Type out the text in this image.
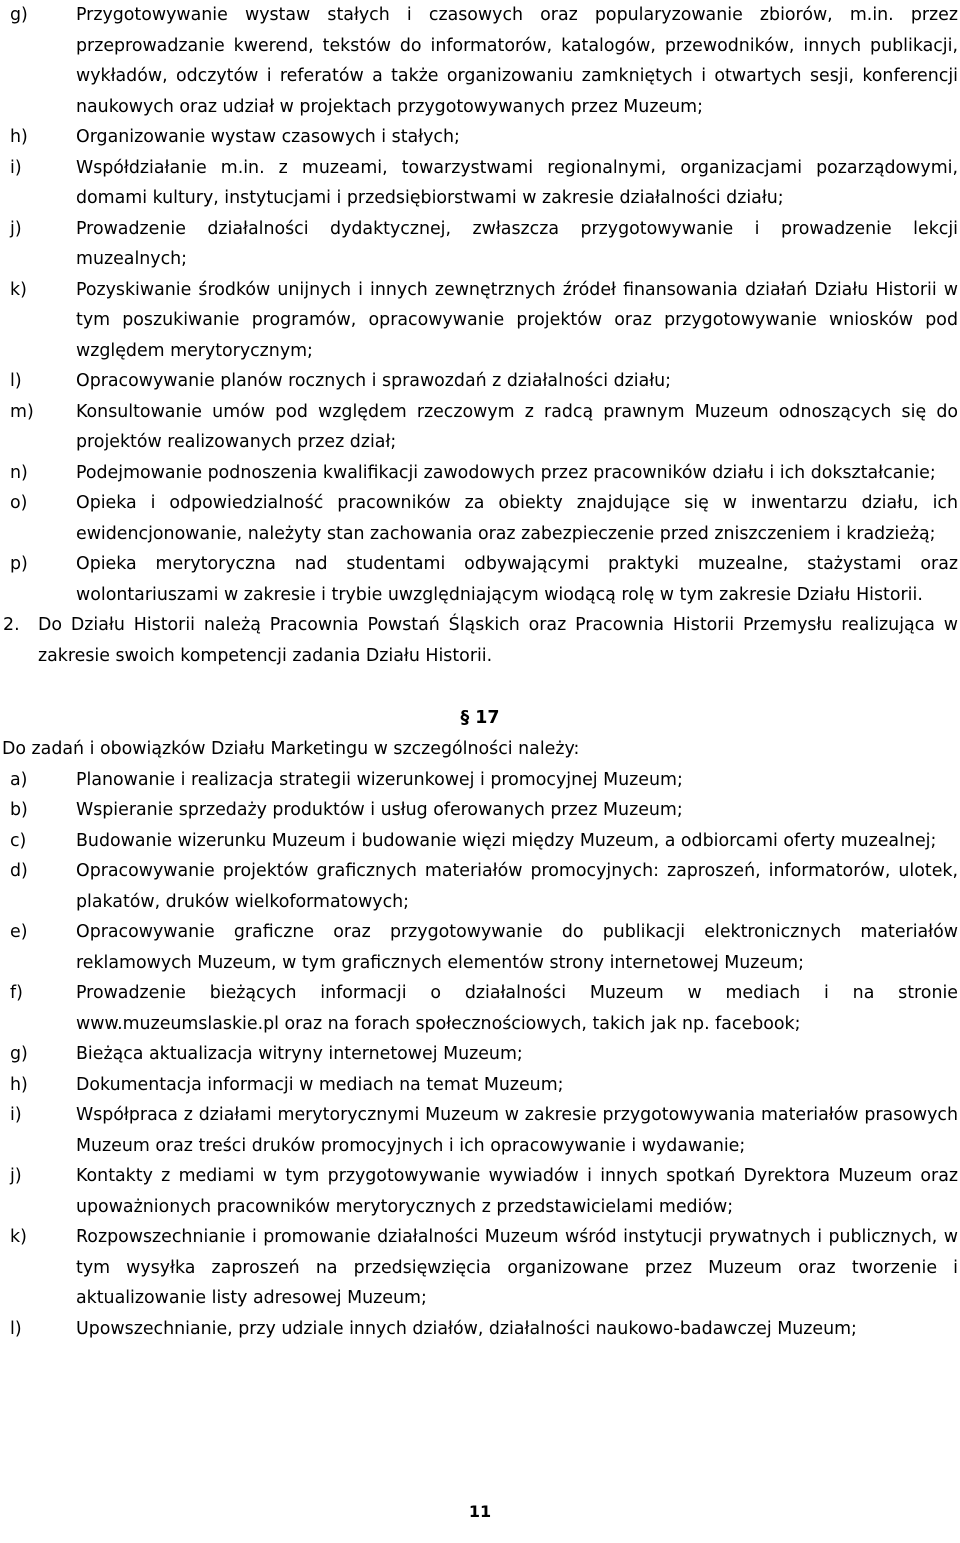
g)	Przygotowywanie wystaw stałych i czasowych oraz popularyzowanie zbiorów, m.in. przez przeprowadzanie kwerend, tekstów do informatorów, katalogów, przewodników, innych publikacji, wykładów, odczytów i referatów a także organizowaniu zamkniętych i otwartych sesji, konferencji naukowych oraz udział w projektach przygotowywanych przez Muzeum;
h)	Organizowanie wystaw czasowych i stałych;
i)	Współdziałanie m.in. z muzeami, towarzystwami regionalnymi, organizacjami pozarządowymi, domami kultury, instytucjami i przedsiębiorstwami w zakresie działalności działu;
j)	Prowadzenie działalności dydaktycznej, zwłaszcza przygotowywanie i prowadzenie lekcji muzealnych;
k)	Pozyskiwanie środków unijnych i innych zewnętrznych źródeł finansowania działań Działu Historii w tym poszukiwanie programów, opracowywanie projektów oraz przygotowywanie wniosków pod względem merytorycznym;
l)	Opracowywanie planów rocznych i sprawozdań z działalności działu;
m) Konsultowanie umów pod względem rzeczowym z radcą prawnym Muzeum odnoszących się do projektów realizowanych przez dział;
n)	Podejmowanie podnoszenia kwalifikacji zawodowych przez pracowników działu i ich dokształcanie;
o)	Opieka i odpowiedzialność pracowników za obiekty znajdujące się w inwentarzu działu, ich ewidencjonowanie, należyty stan zachowania oraz zabezpieczenie przed zniszczeniem i kradzieżą;
p)	Opieka merytoryczna nad studentami odbywającymi praktyki muzealne, stażystami oraz wolontariuszami w zakresie i trybie uwzględniającym wiodącą rolę w tym zakresie Działu Historii.
2. Do Działu Historii należą Pracownia Powstań Śląskich oraz Pracownia Historii Przemysłu realizująca w zakresie swoich kompetencji zadania Działu Historii.
§ 17
Do zadań i obowiązków Działu Marketingu w szczególności należy:
a)	Planowanie i realizacja strategii wizerunkowej i promocyjnej Muzeum;
b)	Wspieranie sprzedaży produktów i usług oferowanych przez Muzeum;
c)	Budowanie wizerunku Muzeum i budowanie więzi między Muzeum, a odbiorcami oferty muzealnej;
d)	Opracowywanie projektów graficznych materiałów promocyjnych: zaproszeń, informatorów, ulotek, plakatów, druków wielkoformatowych;
e)	Opracowywanie graficzne oraz przygotowywanie do publikacji elektronicznych materiałów reklamowych Muzeum, w tym graficznych elementów strony internetowej Muzeum;
f)	Prowadzenie bieżących informacji o działalności Muzeum w mediach i na stronie www.muzeumslaskie.pl oraz na forach społecznościowych, takich jak np. facebook;
g)	Bieżąca aktualizacja witryny internetowej Muzeum;
h)	Dokumentacja informacji w mediach na temat Muzeum;
i)	Współpraca z działami merytorycznymi Muzeum w zakresie przygotowywania materiałów prasowych Muzeum oraz treści druków promocyjnych i ich opracowywanie i wydawanie;
j)	Kontakty z mediami w tym przygotowywanie wywiadów i innych spotkań Dyrektora Muzeum oraz upoważnionych pracowników merytorycznych z przedstawicielami mediów;
k)	Rozpowszechnianie i promowanie działalności Muzeum wśród instytucji prywatnych i publicznych, w tym wysyłka zaproszeń na przedsięwzięcia organizowane przez Muzeum oraz tworzenie i aktualizowanie listy adresowej Muzeum;
l)	Upowszechnianie, przy udziale innych działów, działalności naukowo-badawczej Muzeum;
11
